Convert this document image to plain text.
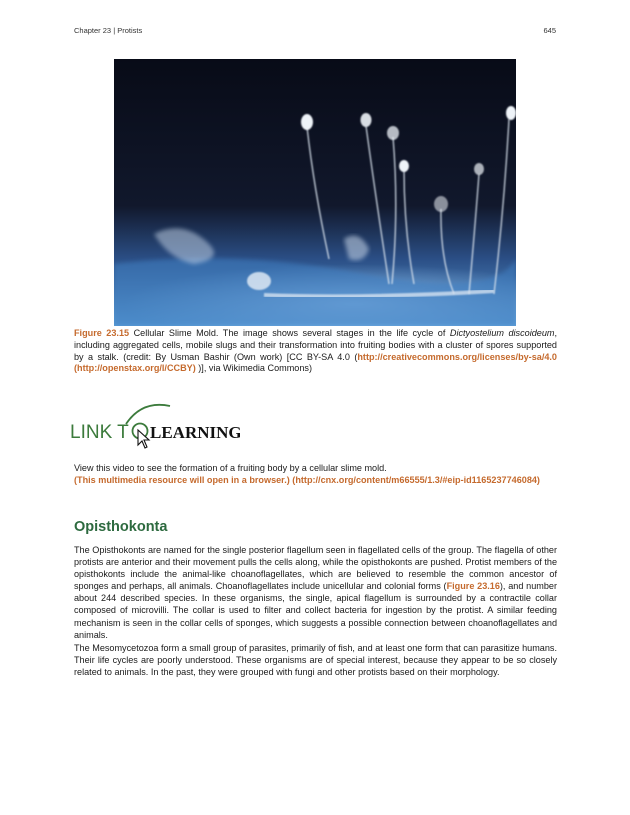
Chapter 23 | Protists	645
Figure 23.15 Cellular Slime Mold. The image shows several stages in the life cycle of Dictyostelium discoideum, including aggregated cells, mobile slugs and their transformation into fruiting bodies with a cluster of spores supported by a stalk. (credit: By Usman Bashir (Own work) [CC BY-SA 4.0 (http://creativecommons.org/licenses/by-sa/4.0 (http://openstax.org/l/CCBY) )], via Wikimedia Commons)
LINK T LEARNING
View this video to see the formation of a fruiting body by a cellular slime mold.
(This multimedia resource will open in a browser.) (http://cnx.org/content/m66555/1.3/#eip-id1165237746084)
Opisthokonta
The Opisthokonts are named for the single posterior flagellum seen in flagellated cells of the group. The flagella of other protists are anterior and their movement pulls the cells along, while the opisthokonts are pushed. Protist members of the opisthokonts include the animal-like choanoflagellates, which are believed to resemble the common ancestor of sponges and perhaps, all animals. Choanoflagellates include unicellular and colonial forms (Figure 23.16), and number about 244 described species. In these organisms, the single, apical flagellum is surrounded by a contractile collar composed of microvilli. The collar is used to filter and collect bacteria for ingestion by the protist. A similar feeding mechanism is seen in the collar cells of sponges, which suggests a possible connection between choanoflagellates and animals.
The Mesomycetozoa form a small group of parasites, primarily of fish, and at least one form that can parasitize humans. Their life cycles are poorly understood. These organisms are of special interest, because they appear to be so closely related to animals. In the past, they were grouped with fungi and other protists based on their morphology.
